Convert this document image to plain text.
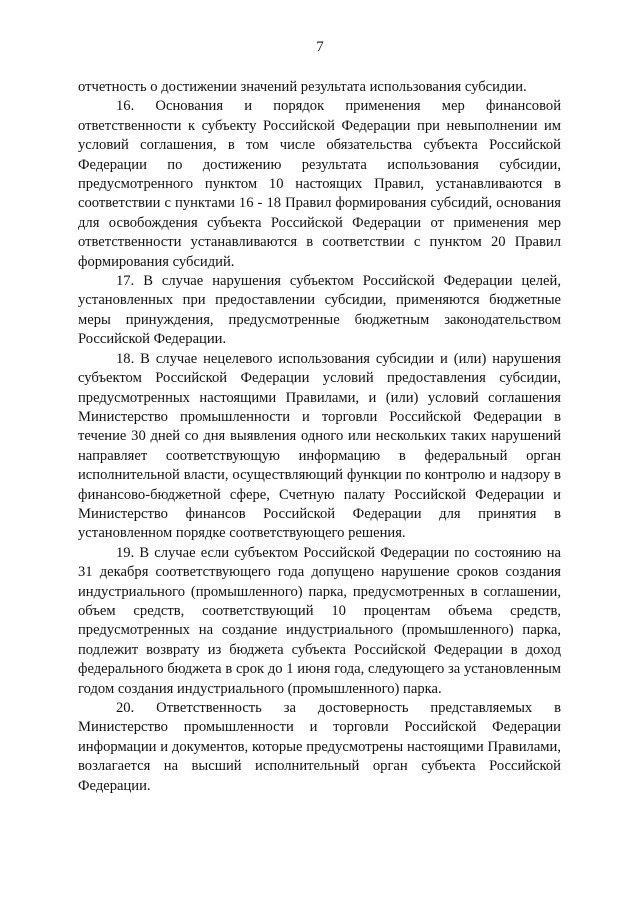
7

отчетность о достижении значений результата использования субсидии.

16. Основания и порядок применения мер финансовой ответственности к субъекту Российской Федерации при невыполнении им условий соглашения, в том числе обязательства субъекта Российской Федерации по достижению результата использования субсидии, предусмотренного пунктом 10 настоящих Правил, устанавливаются в соответствии с пунктами 16 - 18 Правил формирования субсидий, основания для освобождения субъекта Российской Федерации от применения мер ответственности устанавливаются в соответствии с пунктом 20 Правил формирования субсидий.

17. В случае нарушения субъектом Российской Федерации целей, установленных при предоставлении субсидии, применяются бюджетные меры принуждения, предусмотренные бюджетным законодательством Российской Федерации.

18. В случае нецелевого использования субсидии и (или) нарушения субъектом Российской Федерации условий предоставления субсидии, предусмотренных настоящими Правилами, и (или) условий соглашения Министерство промышленности и торговли Российской Федерации в течение 30 дней со дня выявления одного или нескольких таких нарушений направляет соответствующую информацию в федеральный орган исполнительной власти, осуществляющий функции по контролю и надзору в финансово-бюджетной сфере, Счетную палату Российской Федерации и Министерство финансов Российской Федерации для принятия в установленном порядке соответствующего решения.

19. В случае если субъектом Российской Федерации по состоянию на 31 декабря соответствующего года допущено нарушение сроков создания индустриального (промышленного) парка, предусмотренных в соглашении, объем средств, соответствующий 10 процентам объема средств, предусмотренных на создание индустриального (промышленного) парка, подлежит возврату из бюджета субъекта Российской Федерации в доход федерального бюджета в срок до 1 июня года, следующего за установленным годом создания индустриального (промышленного) парка.

20. Ответственность за достоверность представляемых в Министерство промышленности и торговли Российской Федерации информации и документов, которые предусмотрены настоящими Правилами, возлагается на высший исполнительный орган субъекта Российской Федерации.
